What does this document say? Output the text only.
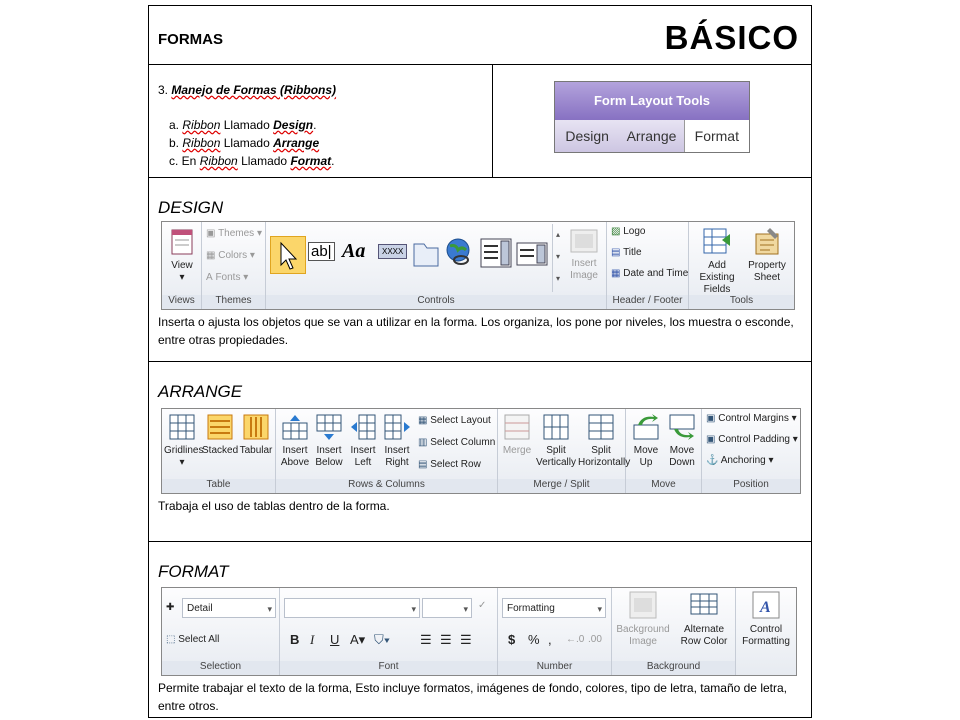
FORMAS	BÁSICO
3. Manejo de Formas (Ribbons)
a. Ribbon Llamado Design.
b. Ribbon Llamado Arrange
c. En Ribbon Llamado Format.
Form Layout Tools
Design	Arrange	Format
DESIGN
View
▾
Views
▣ Themes ▾
▦ Colors ▾
A Fonts ▾
Themes
ab| Aa	XXXX
▴
▾
▾
Insert Image
Controls
▨ Logo
▤ Title
▦ Date and Time
Header / Footer
Add Existing Fields
Property Sheet
Tools
Inserta o ajusta los objetos que se van a utilizar en la forma. Los organiza, los pone por niveles, los muestra o esconde, entre otras propiedades.
ARRANGE
Gridlines
▾
Stacked Tabular
Table
Insert Above
Insert Below
Insert Left
Insert Right
▦ Select Layout
▥ Select Column
▤ Select Row
Rows & Columns
Merge	Split Vertically
Split Horizontally
Merge / Split
Move Up
Move Down
Move
▣ Control Margins ▾
▣ Control Padding ▾
⚓ Anchoring ▾
Position
Trabaja el uso de tablas dentro de la forma.
FORMAT
✚	Detail ▾
⬚ Select All
Selection
▾
▾
✓
B I U A▾ ⛉▾ ☰ ☰ ☰
Font
Formatting ▾
$ % , ←.0 .00
Number
Background Image
Alternate Row Color
Background
A
Control Formatting
Permite trabajar el texto de la forma, Esto incluye formatos, imágenes de fondo, colores, tipo de letra, tamaño de letra, entre otros.
